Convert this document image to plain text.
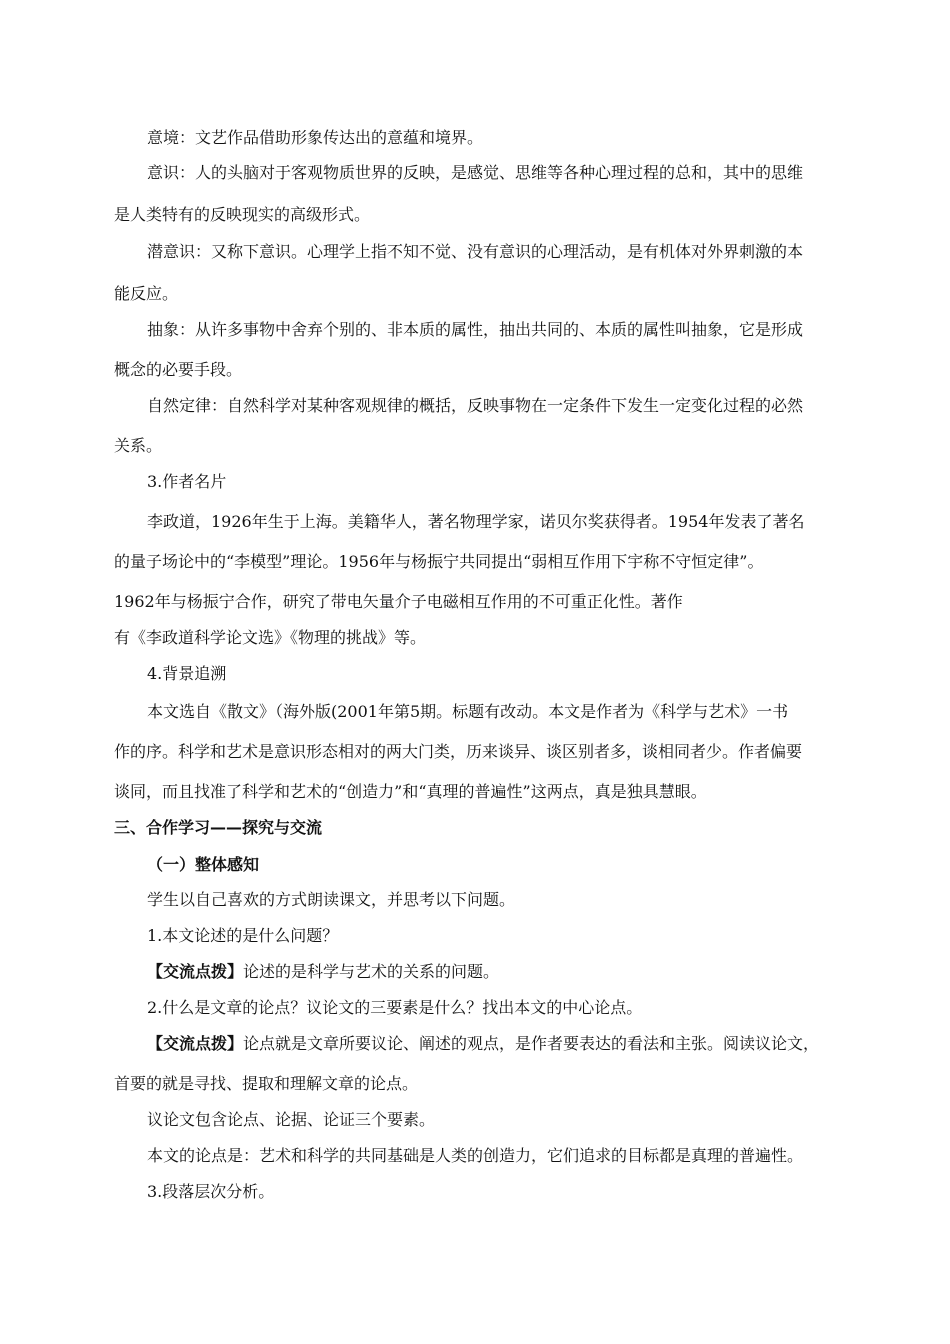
意境：文艺作品借助形象传达出的意蕴和境界。
意识：人的头脑对于客观物质世界的反映，是感觉、思维等各种心理过程的总和，其中的思维
是人类特有的反映现实的高级形式。
潜意识：又称下意识。心理学上指不知不觉、没有意识的心理活动，是有机体对外界刺激的本
能反应。
抽象：从许多事物中舍弃个别的、非本质的属性，抽出共同的、本质的属性叫抽象，它是形成
概念的必要手段。
自然定律：自然科学对某种客观规律的概括，反映事物在一定条件下发生一定变化过程的必然
关系。
3.作者名片
李政道，1926年生于上海。美籍华人，著名物理学家，诺贝尔奖获得者。1954年发表了著名
的量子场论中的“李模型”理论。1956年与杨振宁共同提出“弱相互作用下宇称不守恒定律”。
1962年与杨振宁合作，研究了带电矢量介子电磁相互作用的不可重正化性。著作
有《李政道科学论文选》《物理的挑战》等。
4.背景追溯
本文选自《散文》（海外版(2001年第5期。标题有改动。本文是作者为《科学与艺术》一书
作的序。科学和艺术是意识形态相对的两大门类，历来谈异、谈区别者多，谈相同者少。作者偏要
谈同，而且找准了科学和艺术的“创造力”和“真理的普遍性”这两点，真是独具慧眼。
三、合作学习——探究与交流
（一）整体感知
学生以自己喜欢的方式朗读课文，并思考以下问题。
1.本文论述的是什么问题？
【交流点拨】论述的是科学与艺术的关系的问题。
2.什么是文章的论点？议论文的三要素是什么？找出本文的中心论点。
【交流点拨】论点就是文章所要议论、阐述的观点，是作者要表达的看法和主张。阅读议论文，
首要的就是寻找、提取和理解文章的论点。
议论文包含论点、论据、论证三个要素。
本文的论点是：艺术和科学的共同基础是人类的创造力，它们追求的目标都是真理的普遍性。
3.段落层次分析。
